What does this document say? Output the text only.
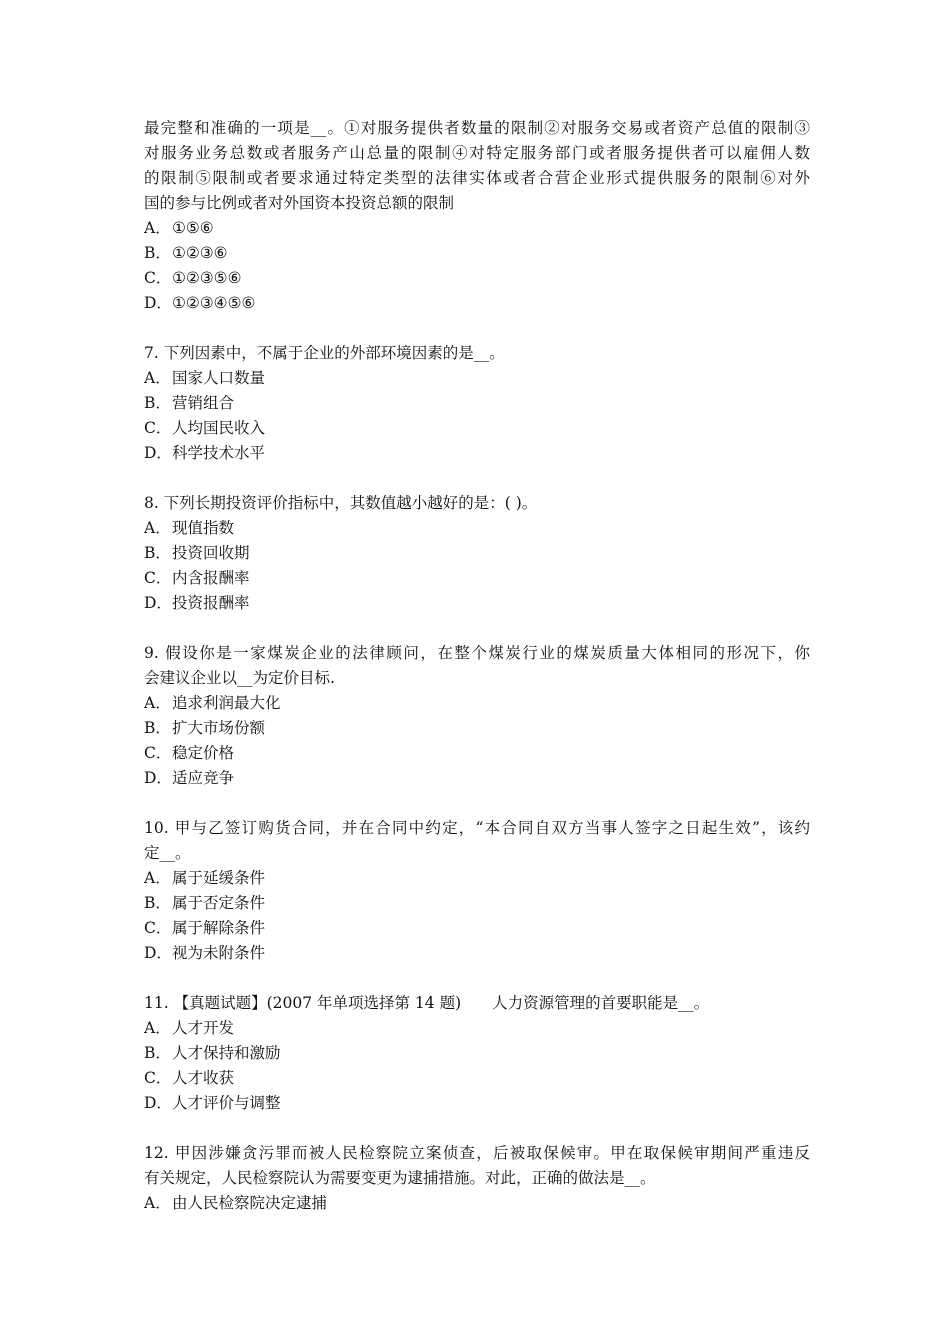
最完整和准确的一项是__。①对服务提供者数量的限制②对服务交易或者资产总值的限制③
对服务业务总数或者服务产山总量的限制④对特定服务部门或者服务提供者可以雇佣人数
的限制⑤限制或者要求通过特定类型的法律实体或者合营企业形式提供服务的限制⑥对外
国的参与比例或者对外国资本投资总额的限制
A．①⑤⑥
B．①②③⑥
C．①②③⑤⑥
D．①②③④⑤⑥
7. 下列因素中，不属于企业的外部环境因素的是__。
A．国家人口数量
B．营销组合
C．人均国民收入
D．科学技术水平
8. 下列长期投资评价指标中，其数值越小越好的是：( )。
A．现值指数
B．投资回收期
C．内含报酬率
D．投资报酬率
9. 假设你是一家煤炭企业的法律顾问，在整个煤炭行业的煤炭质量大体相同的形况下，你
会建议企业以__为定价目标.
A．追求利润最大化
B．扩大市场份额
C．稳定价格
D．适应竞争
10. 甲与乙签订购货合同，并在合同中约定，“本合同自双方当事人签字之日起生效”，该约
定__。
A．属于延缓条件
B．属于否定条件
C．属于解除条件
D．视为未附条件
11. 【真题试题】(2007 年单项选择第 14 题)　　人力资源管理的首要职能是__。
A．人才开发
B．人才保持和激励
C．人才收获
D．人才评价与调整
12. 甲因涉嫌贪污罪而被人民检察院立案侦查，后被取保候审。甲在取保候审期间严重违反
有关规定，人民检察院认为需要变更为逮捕措施。对此，正确的做法是__。
A．由人民检察院决定逮捕
